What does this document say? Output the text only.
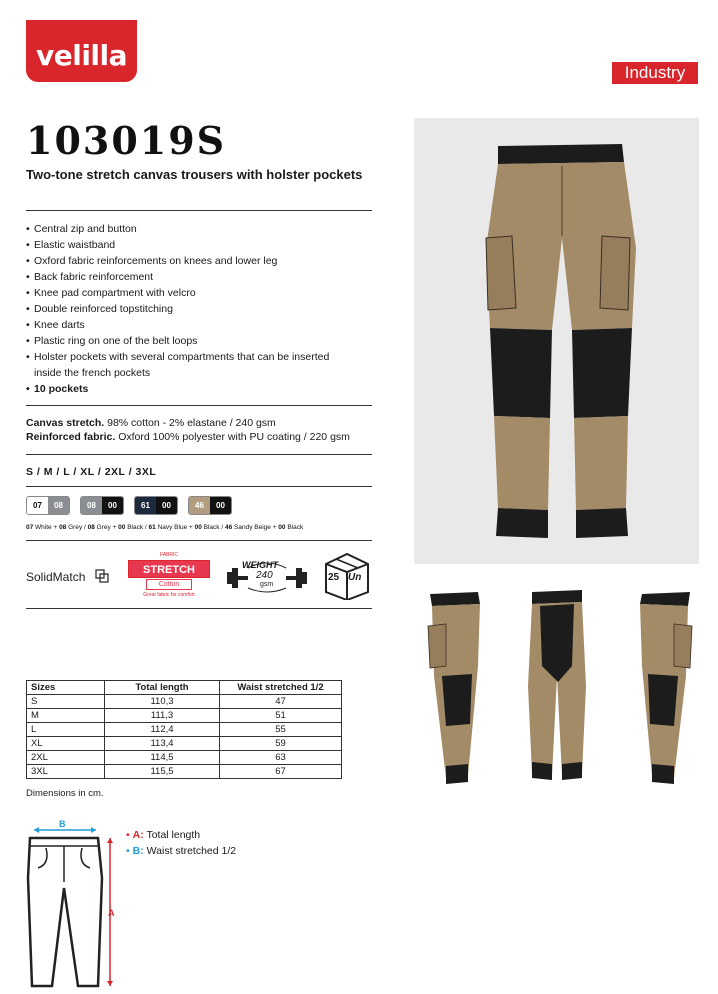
velilla
Industry
103019S
Two-tone stretch canvas trousers with holster pockets
• Central zip and button
• Elastic waistband
• Oxford fabric reinforcements on knees and lower leg
• Back fabric reinforcement
• Knee pad compartment with velcro
• Double reinforced topstitching
• Knee darts
• Plastic ring on one of the belt loops
• Holster pockets with several compartments that can be inserted
inside the french pockets
• 10 pockets
Canvas stretch. 98% cotton - 2% elastane / 240 gsm
Reinforced fabric. Oxford 100% polyester with PU coating / 220 gsm
S / M / L / XL / 2XL / 3XL
07	08	08	00	61	00	46	00
07 White + 08 Grey / 08 Grey + 00 Black / 61 Navy Blue + 00 Black / 46 Sandy Beige + 00 Black
SolidMatch
FABRIC
STRETCH
Cotton
Great fabric for comfort
WEIGHT
240
gsm
25 Un
Sizes	Total length	Waist stretched 1/2
S	110,3	47
M	111,3	51
L	112,4	55
XL	113,4	59
2XL	114,5	63
3XL	115,5	67
Dimensions in cm.
B
A
• A: Total length
• B: Waist stretched 1/2
